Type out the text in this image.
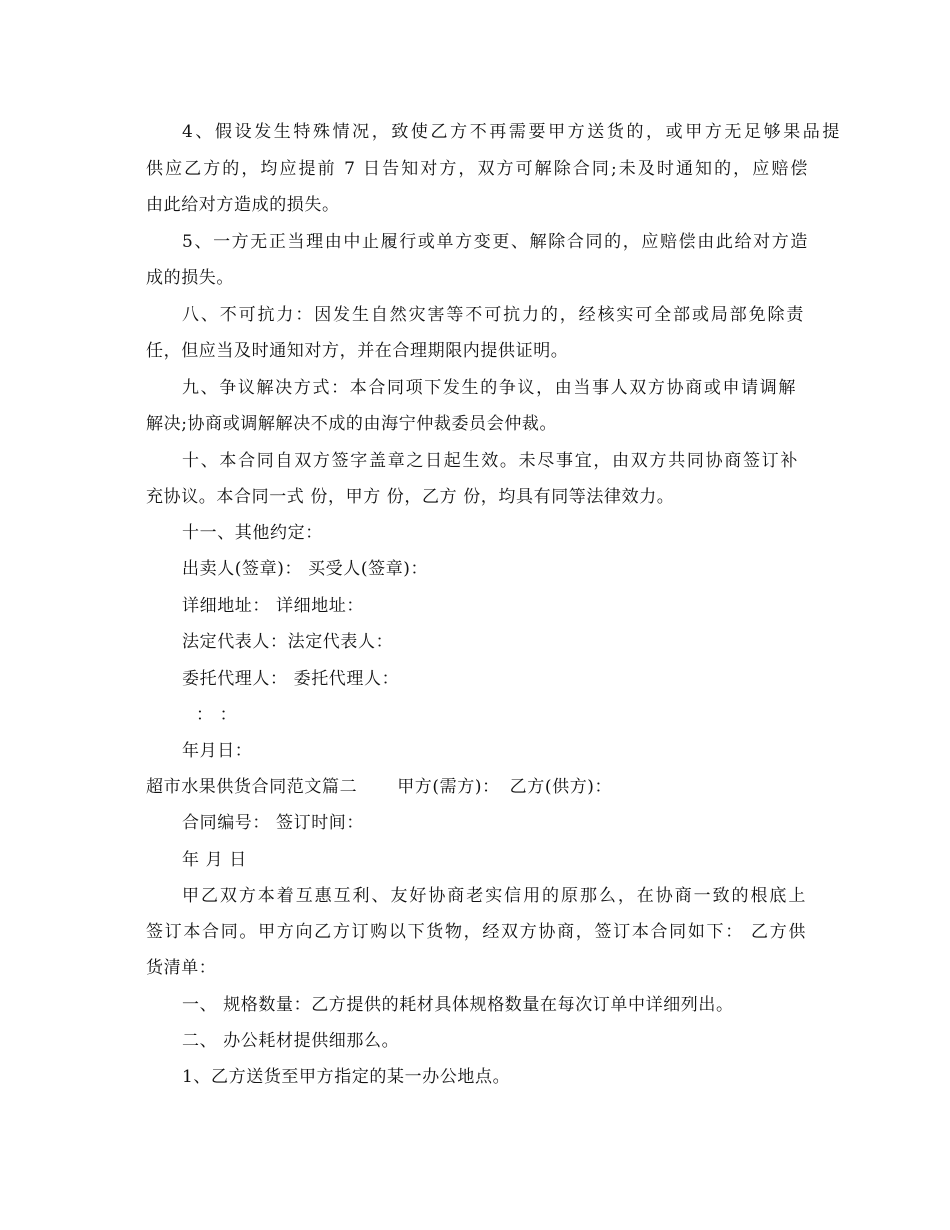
4、假设发生特殊情况，致使乙方不再需要甲方送货的，或甲方无足够果品提
供应乙方的，均应提前 7 日告知对方，双方可解除合同;未及时通知的，应赔偿
由此给对方造成的损失。
5、一方无正当理由中止履行或单方变更、解除合同的，应赔偿由此给对方造
成的损失。
八、不可抗力：因发生自然灾害等不可抗力的，经核实可全部或局部免除责
任，但应当及时通知对方，并在合理期限内提供证明。
九、争议解决方式：本合同项下发生的争议，由当事人双方协商或申请调解
解决;协商或调解解决不成的由海宁仲裁委员会仲裁。
十、本合同自双方签字盖章之日起生效。未尽事宜，由双方共同协商签订补
充协议。本合同一式 份，甲方 份，乙方 份，均具有同等法律效力。
十一、其他约定：
出卖人(签章)： 买受人(签章)：
详细地址： 详细地址：
法定代表人：法定代表人：
委托代理人： 委托代理人：
： ：
年月日：
超市水果供货合同范文篇二 甲方(需方)： 乙方(供方)：
合同编号： 签订时间：
年 月 日
甲乙双方本着互惠互利、友好协商老实信用的原那么，在协商一致的根底上
签订本合同。甲方向乙方订购以下货物，经双方协商，签订本合同如下： 乙方供
货清单：
一、 规格数量：乙方提供的耗材具体规格数量在每次订单中详细列出。
二、 办公耗材提供细那么。
1、乙方送货至甲方指定的某一办公地点。
